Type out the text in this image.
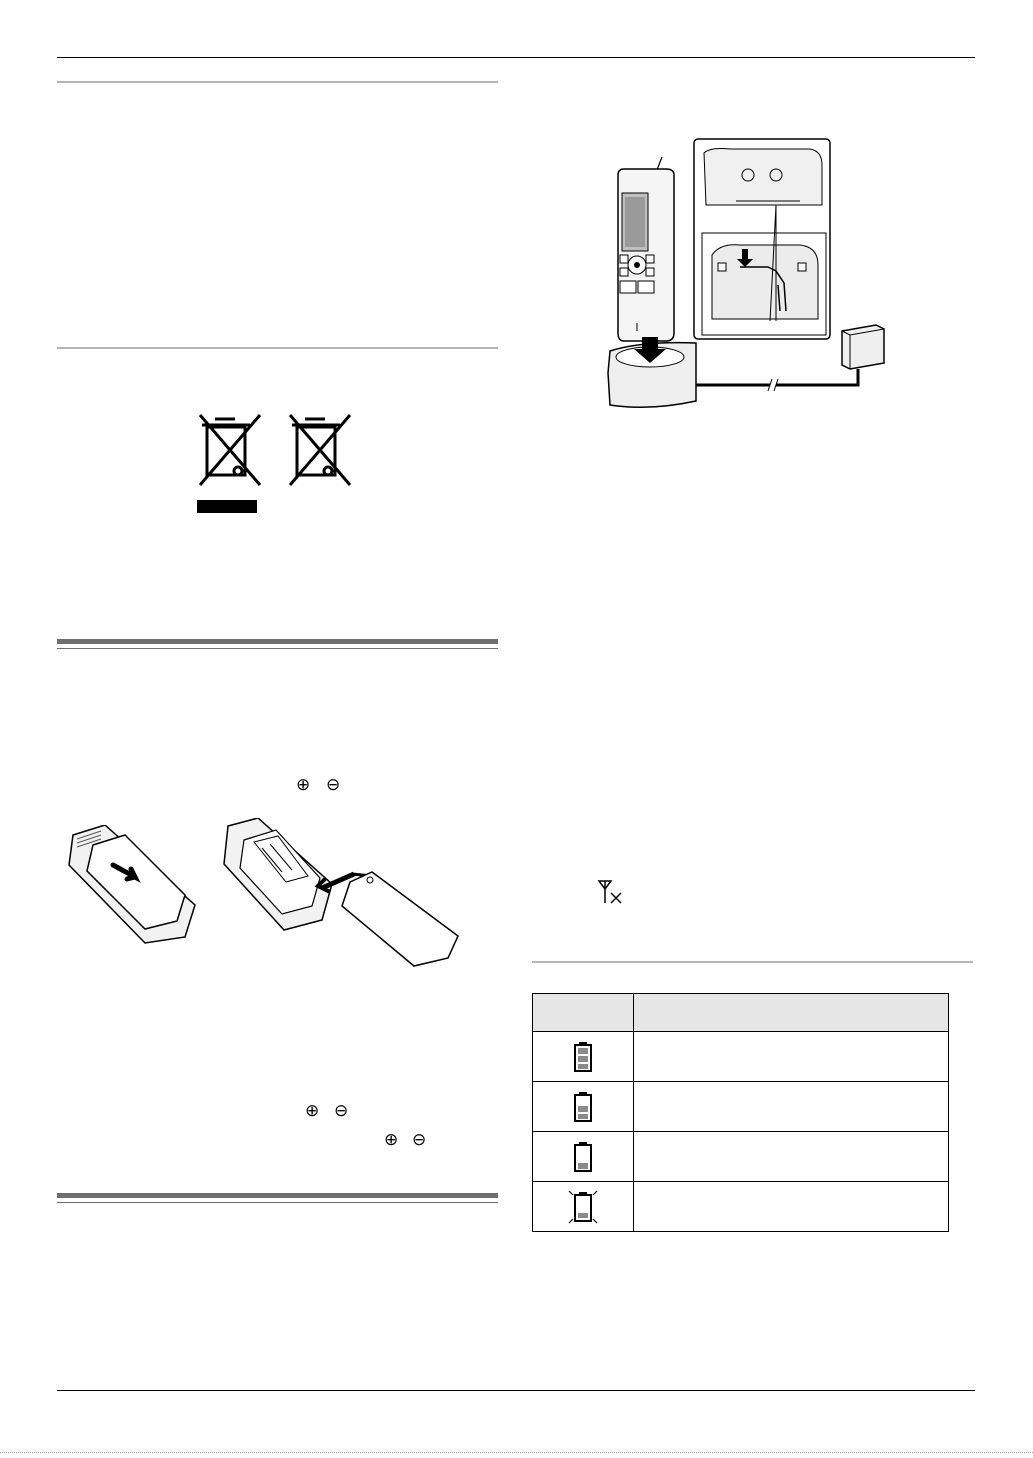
⊕ ⊖
⊕ ⊖
⊕ ⊖
